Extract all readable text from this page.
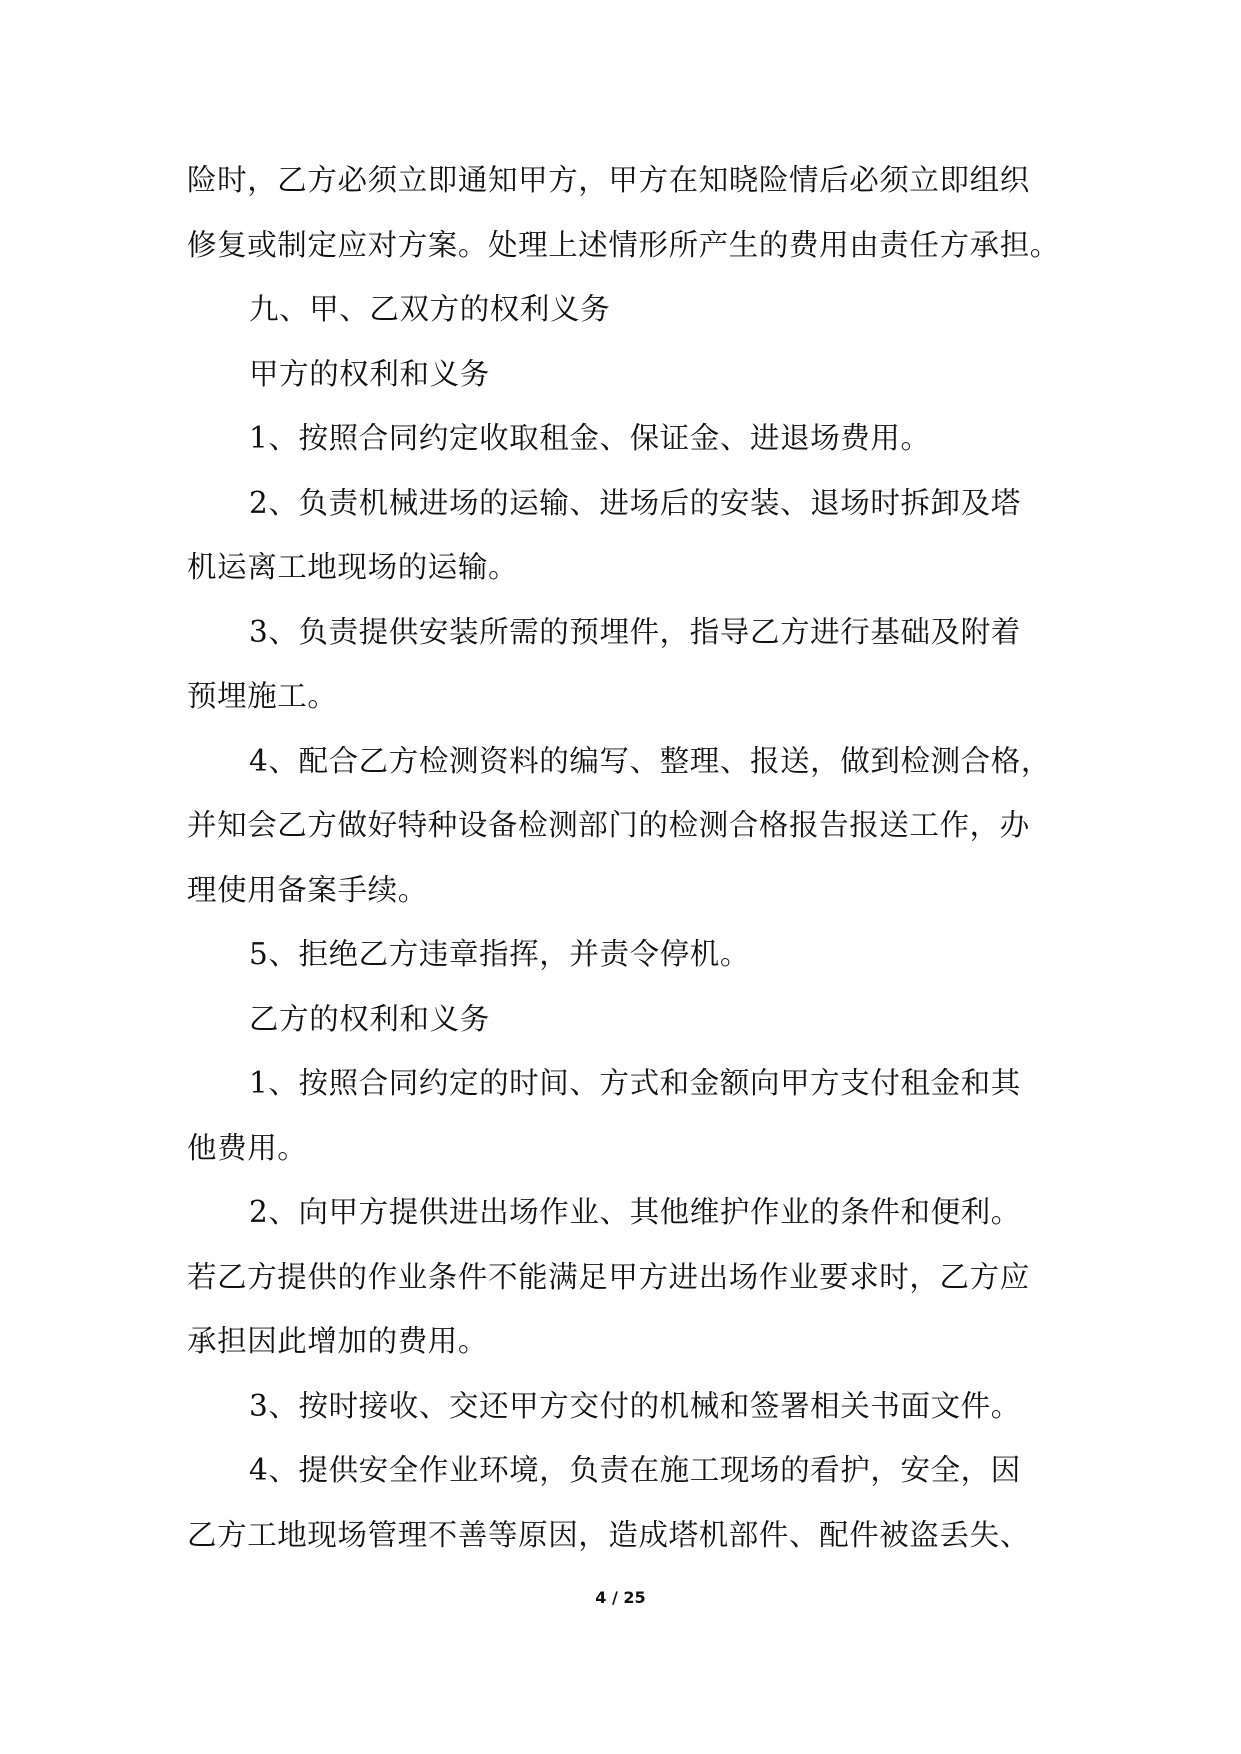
险时，乙方必须立即通知甲方，甲方在知晓险情后必须立即组织
修复或制定应对方案。处理上述情形所产生的费用由责任方承担。
九、甲、乙双方的权利义务
甲方的权利和义务
1、按照合同约定收取租金、保证金、进退场费用。
2、负责机械进场的运输、进场后的安装、退场时拆卸及塔
机运离工地现场的运输。
3、负责提供安装所需的预埋件，指导乙方进行基础及附着
预埋施工。
4、配合乙方检测资料的编写、整理、报送，做到检测合格，
并知会乙方做好特种设备检测部门的检测合格报告报送工作，办
理使用备案手续。
5、拒绝乙方违章指挥，并责令停机。
乙方的权利和义务
1、按照合同约定的时间、方式和金额向甲方支付租金和其
他费用。
2、向甲方提供进出场作业、其他维护作业的条件和便利。
若乙方提供的作业条件不能满足甲方进出场作业要求时，乙方应
承担因此增加的费用。
3、按时接收、交还甲方交付的机械和签署相关书面文件。
4、提供安全作业环境，负责在施工现场的看护，安全，因
乙方工地现场管理不善等原因，造成塔机部件、配件被盗丢失、
4 / 25
